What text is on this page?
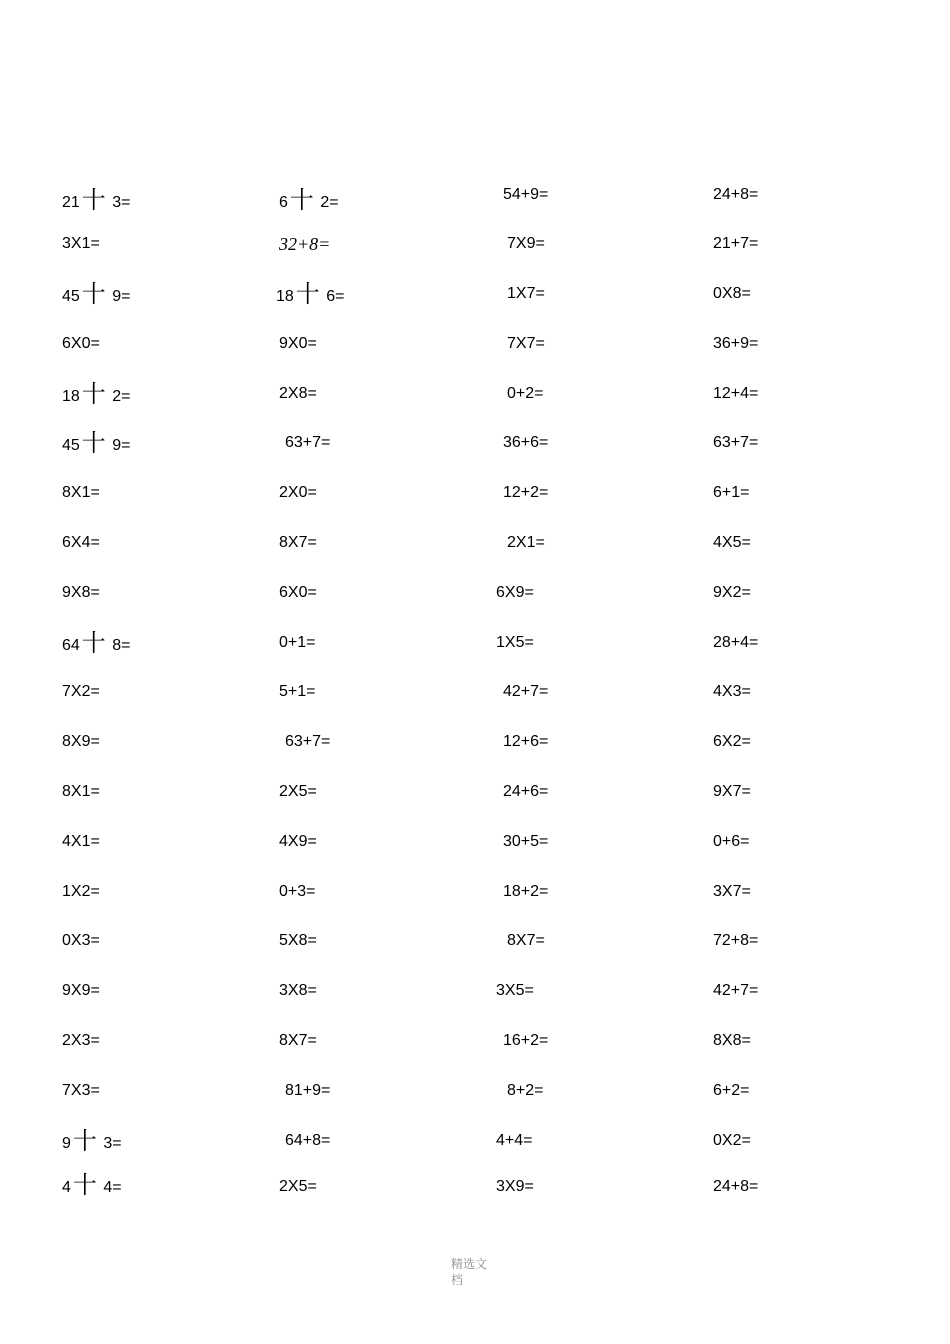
21十 3=	6十 2=	54+9=	24+8=
3X1=	32+8=	7X9=	21+7=
45十 9=	18十 6=	1X7=	0X8=
6X0=	9X0=	7X7=	36+9=
18十 2=	2X8=	0+2=	12+4=
45十 9=	63+7=	36+6=	63+7=
8X1=	2X0=	12+2=	6+1=
6X4=	8X7=	2X1=	4X5=
9X8=	6X0=	6X9=	9X2=
64十 8=	0+1=	1X5=	28+4=
7X2=	5+1=	42+7=	4X3=
8X9=	63+7=	12+6=	6X2=
8X1=	2X5=	24+6=	9X7=
4X1=	4X9=	30+5=	0+6=
1X2=	0+3=	18+2=	3X7=
0X3=	5X8=	8X7=	72+8=
9X9=	3X8=	3X5=	42+7=
2X3=	8X7=	16+2=	8X8=
7X3=	81+9=	8+2=	6+2=
9十 3=	64+8=	4+4=	0X2=
4十 4=	2X5=	3X9=	24+8=
精选文
档
